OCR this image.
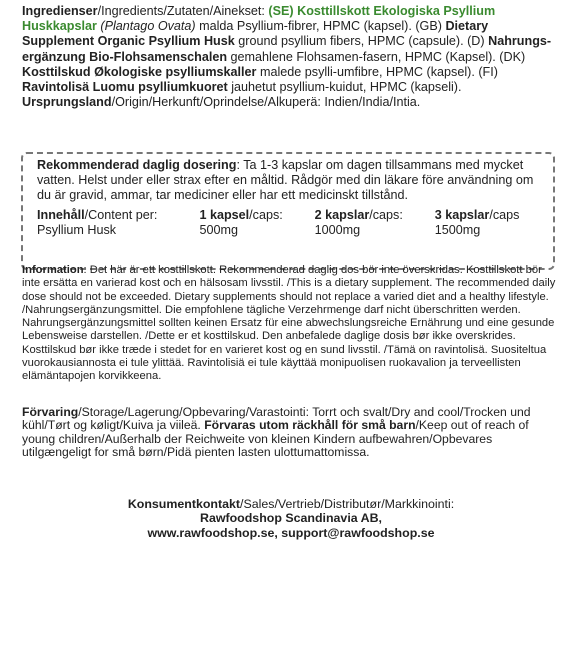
Ingredienser/Ingredients/Zutaten/Ainekset: (SE) Kosttillskott Ekologiska Psyllium Huskkapslar (Plantago Ovata) malda Psyllium-fibrer, HPMC (kapsel). (GB) Dietary Supplement Organic Psyllium Husk ground psyllium fibers, HPMC (capsule). (D) Nahrungs-ergänzung Bio-Flohsamenschalen gemahlene Flohsamen-fasern, HPMC (Kapsel). (DK) Kosttilskud Økologiske psylliumskaller malede psylli-umfibre, HPMC (kapsel). (FI) Ravintolisä Luomu psylliumkuoret jauhetut psyllium-kuidut, HPMC (kapseli).
Ursprungsland/Origin/Herkunft/Oprindelse/Alkuperä: Indien/India/Intia.
Rekommenderad daglig dosering: Ta 1-3 kapslar om dagen tillsammans med mycket vatten. Helst under eller strax efter en måltid. Rådgör med din läkare före användning om du är gravid, ammar, tar mediciner eller har ett medicinskt tillstånd.
Innehåll/Content per:	1 kapsel/caps:	2 kapslar/caps:	3 kapslar/caps
Psyllium Husk	500mg	1000mg	1500mg
Information: Det här är ett kosttillskott. Rekommenderad daglig dos bör inte överskridas. Kosttillskott bör inte ersätta en varierad kost och en hälsosam livsstil. /This is a dietary supplement. The recommended daily dose should not be exceeded. Dietary supplements should not replace a varied diet and a healthy lifestyle. /Nahrungsergänzungsmittel. Die empfohlene tägliche Verzehrmenge darf nicht überschritten werden. Nahrungsergänzungsmittel sollten keinen Ersatz für eine abwechslungsreiche Ernährung und eine gesunde Lebensweise darstellen. /Dette er et kosttilskud. Den anbefalede daglige dosis bør ikke overskrides. Kosttilskud bør ikke træde i stedet for en varieret kost og en sund livsstil. /Tämä on ravintolisä. Suositeltua vuorokausiannosta ei tule ylittää. Ravintolisiä ei tule käyttää monipuolisen ruokavalion ja terveellisten elämäntapojen korvikkeena.
Förvaring/Storage/Lagerung/Opbevaring/Varastointi: Torrt och svalt/Dry and cool/Trocken und kühl/Tørt og køligt/Kuiva ja viileä. Förvaras utom räckhåll för små barn/Keep out of reach of young children/Außerhalb der Reichweite von kleinen Kindern aufbewahren/Opbevares utilgængeligt for små børn/Pidä pienten lasten ulottumattomissa.
Konsumentkontakt/Sales/Vertrieb/Distributør/Markkinointi:
Rawfoodshop Scandinavia AB,
www.rawfoodshop.se, support@rawfoodshop.se
